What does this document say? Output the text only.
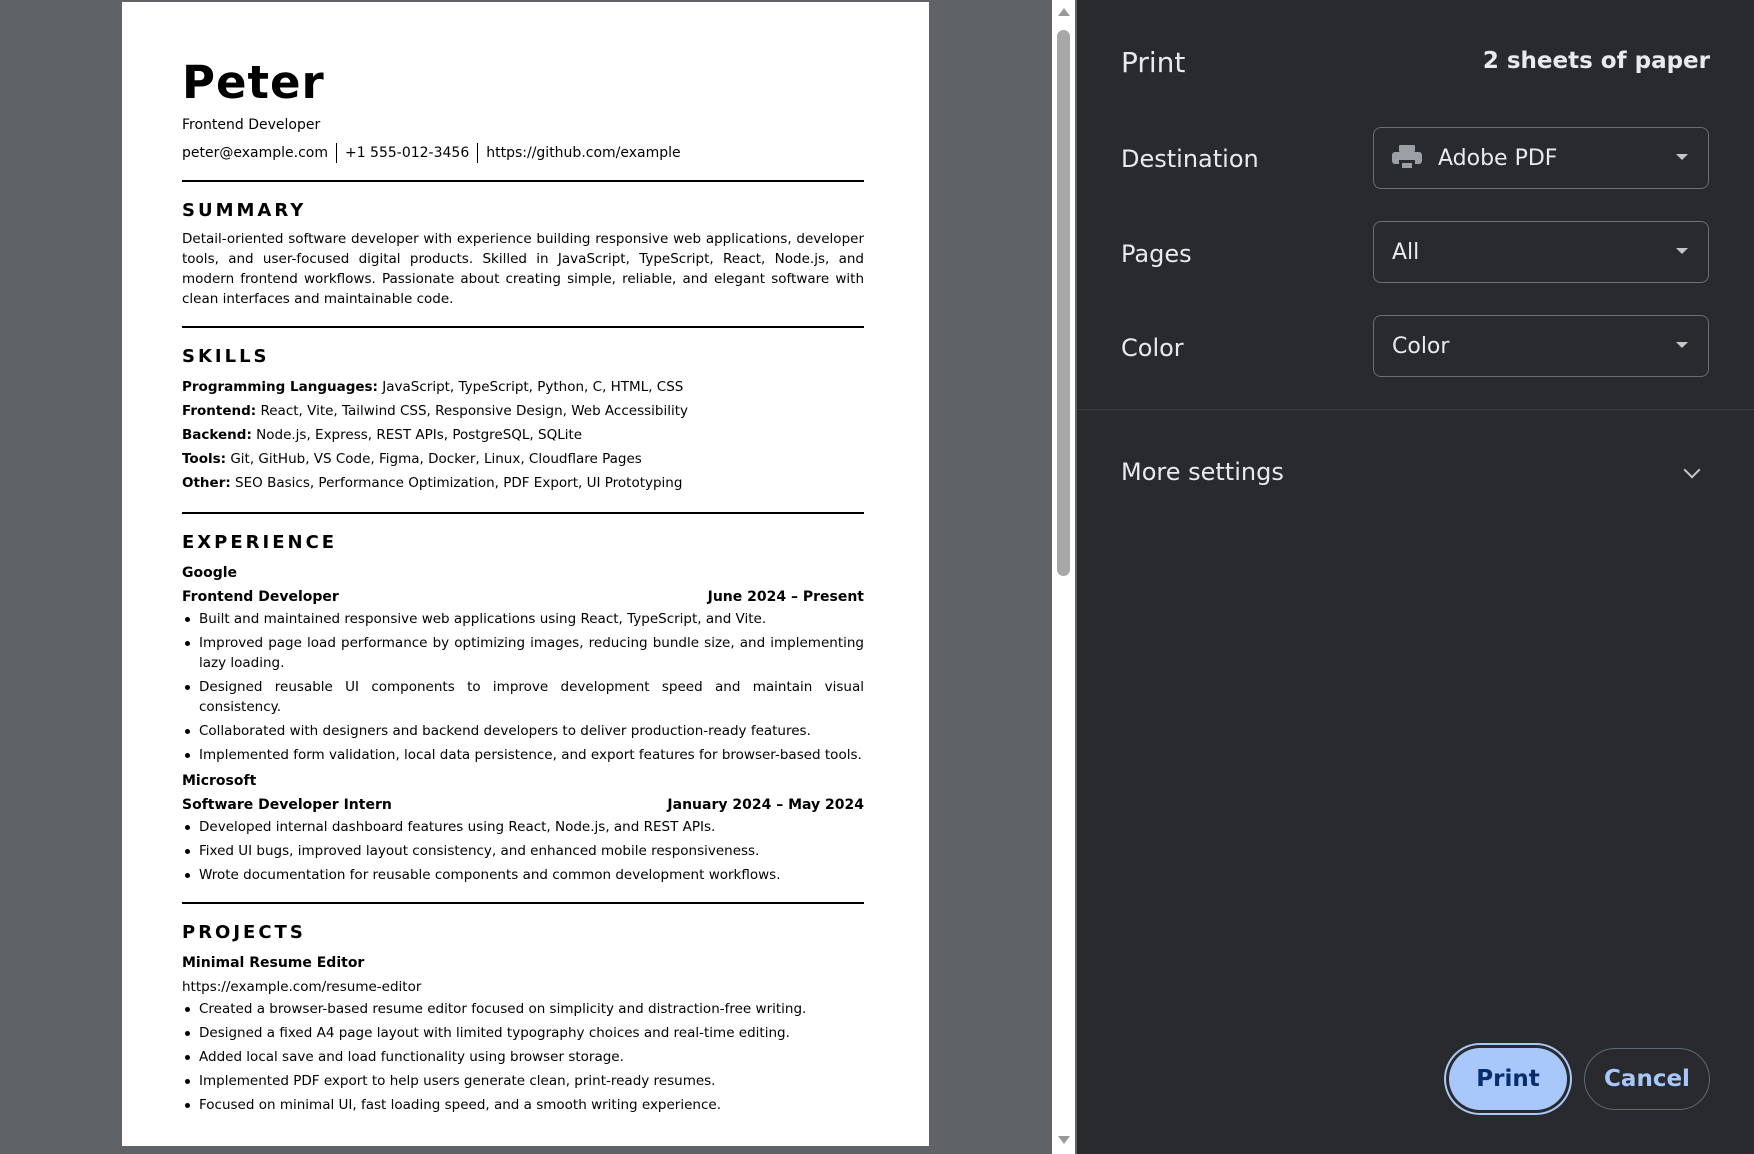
Peter
Frontend Developer
peter@example.com +1 555-012-3456 https://github.com/example
SUMMARY
Detail-oriented software developer with experience building responsive web applications, developer tools, and user-focused digital products. Skilled in JavaScript, TypeScript, React, Node.js, and modern frontend workflows. Passionate about creating simple, reliable, and elegant software with clean interfaces and maintainable code.
SKILLS
Programming Languages: JavaScript, TypeScript, Python, C, HTML, CSS
Frontend: React, Vite, Tailwind CSS, Responsive Design, Web Accessibility
Backend: Node.js, Express, REST APIs, PostgreSQL, SQLite
Tools: Git, GitHub, VS Code, Figma, Docker, Linux, Cloudflare Pages
Other: SEO Basics, Performance Optimization, PDF Export, UI Prototyping
EXPERIENCE
Google
Frontend Developer	June 2024 – Present
Built and maintained responsive web applications using React, TypeScript, and Vite.
Improved page load performance by optimizing images, reducing bundle size, and implementing lazy loading.
Designed reusable UI components to improve development speed and maintain visual consistency.
Collaborated with designers and backend developers to deliver production-ready features.
Implemented form validation, local data persistence, and export features for browser-based tools.
Microsoft
Software Developer Intern	January 2024 – May 2024
Developed internal dashboard features using React, Node.js, and REST APIs.
Fixed UI bugs, improved layout consistency, and enhanced mobile responsiveness.
Wrote documentation for reusable components and common development workflows.
PROJECTS
Minimal Resume Editor
https://example.com/resume-editor
Created a browser-based resume editor focused on simplicity and distraction-free writing.
Designed a fixed A4 page layout with limited typography choices and real-time editing.
Added local save and load functionality using browser storage.
Implemented PDF export to help users generate clean, print-ready resumes.
Focused on minimal UI, fast loading speed, and a smooth writing experience.
Print	2 sheets of paper
Destination	Adobe PDF
Pages	All
Color	Color
More settings
Print	Cancel
